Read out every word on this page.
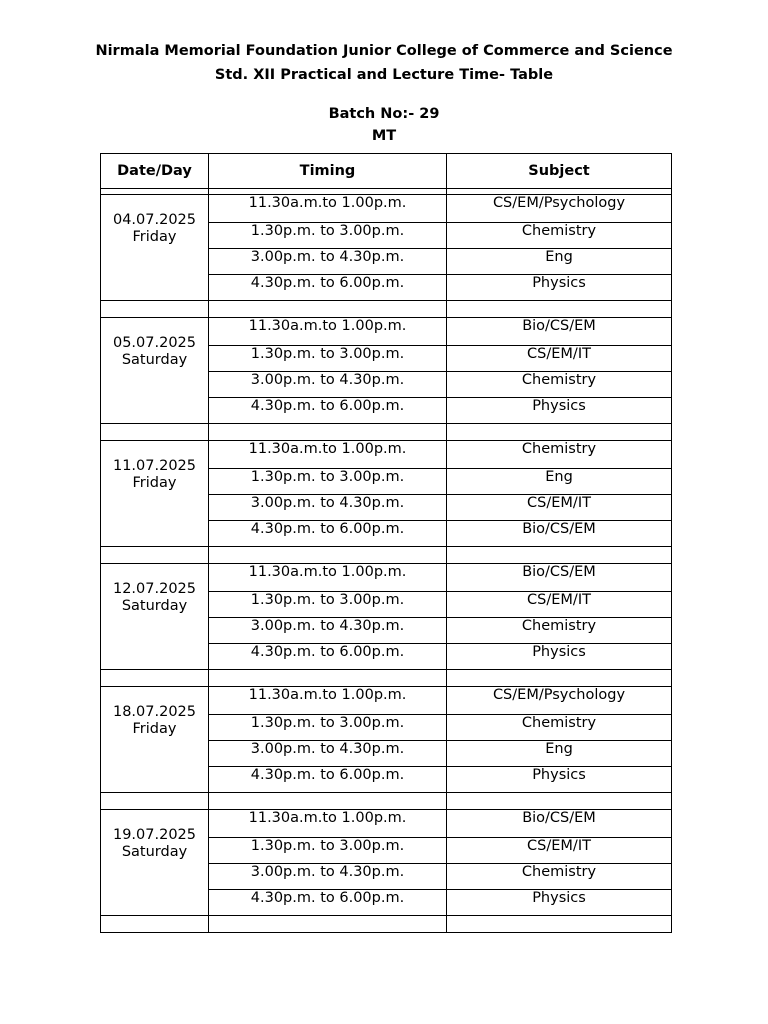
Nirmala Memorial Foundation Junior College of Commerce and Science
Std. XII Practical and Lecture Time- Table
Batch No:- 29
MT
Date/Day	Timing	Subject

04.07.2025
Friday	11.30a.m.to 1.00p.m.	CS/EM/Psychology
	1.30p.m. to 3.00p.m.	Chemistry
	3.00p.m. to 4.30p.m.	Eng
	4.30p.m. to 6.00p.m.	Physics

05.07.2025
Saturday	11.30a.m.to 1.00p.m.	Bio/CS/EM
	1.30p.m. to 3.00p.m.	CS/EM/IT
	3.00p.m. to 4.30p.m.	Chemistry
	4.30p.m. to 6.00p.m.	Physics

11.07.2025
Friday	11.30a.m.to 1.00p.m.	Chemistry
	1.30p.m. to 3.00p.m.	Eng
	3.00p.m. to 4.30p.m.	CS/EM/IT
	4.30p.m. to 6.00p.m.	Bio/CS/EM

12.07.2025
Saturday	11.30a.m.to 1.00p.m.	Bio/CS/EM
	1.30p.m. to 3.00p.m.	CS/EM/IT
	3.00p.m. to 4.30p.m.	Chemistry
	4.30p.m. to 6.00p.m.	Physics

18.07.2025
Friday	11.30a.m.to 1.00p.m.	CS/EM/Psychology
	1.30p.m. to 3.00p.m.	Chemistry
	3.00p.m. to 4.30p.m.	Eng
	4.30p.m. to 6.00p.m.	Physics

19.07.2025
Saturday	11.30a.m.to 1.00p.m.	Bio/CS/EM
	1.30p.m. to 3.00p.m.	CS/EM/IT
	3.00p.m. to 4.30p.m.	Chemistry
	4.30p.m. to 6.00p.m.	Physics
